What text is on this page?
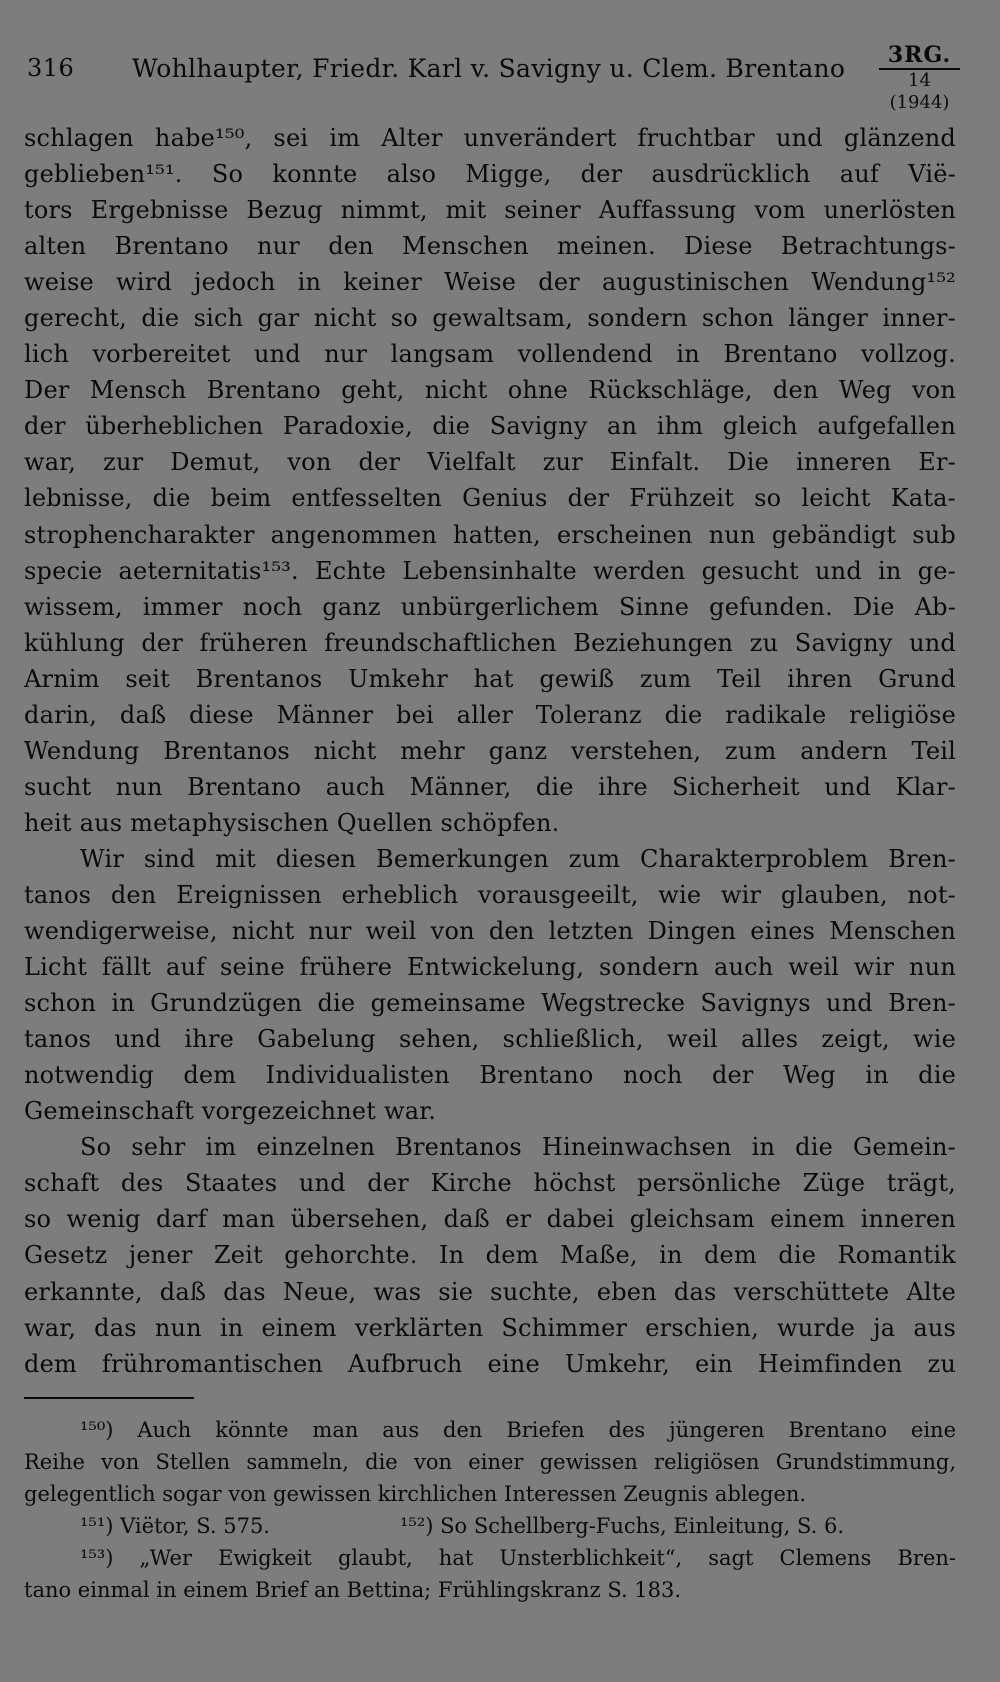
316 Wohlhaupter, Friedr. Karl v. Savigny u. Clem. Brentano	3RG.
14 (1944)
schlagen habe¹⁵⁰, sei im Alter unverändert fruchtbar und glänzend
geblieben¹⁵¹. So konnte also Migge, der ausdrücklich auf Vië-
tors Ergebnisse Bezug nimmt, mit seiner Auffassung vom unerlösten
alten Brentano nur den Menschen meinen. Diese Betrachtungs-
weise wird jedoch in keiner Weise der augustinischen Wendung¹⁵²
gerecht, die sich gar nicht so gewaltsam, sondern schon länger inner-
lich vorbereitet und nur langsam vollendend in Brentano vollzog.
Der Mensch Brentano geht, nicht ohne Rückschläge, den Weg von
der überheblichen Paradoxie, die Savigny an ihm gleich aufgefallen
war, zur Demut, von der Vielfalt zur Einfalt. Die inneren Er-
lebnisse, die beim entfesselten Genius der Frühzeit so leicht Kata-
strophencharakter angenommen hatten, erscheinen nun gebändigt sub
specie aeternitatis¹⁵³. Echte Lebensinhalte werden gesucht und in ge-
wissem, immer noch ganz unbürgerlichem Sinne gefunden. Die Ab-
kühlung der früheren freundschaftlichen Beziehungen zu Savigny und
Arnim seit Brentanos Umkehr hat gewiß zum Teil ihren Grund
darin, daß diese Männer bei aller Toleranz die radikale religiöse
Wendung Brentanos nicht mehr ganz verstehen, zum andern Teil
sucht nun Brentano auch Männer, die ihre Sicherheit und Klar-
heit aus metaphysischen Quellen schöpfen.
Wir sind mit diesen Bemerkungen zum Charakterproblem Bren-
tanos den Ereignissen erheblich vorausgeeilt, wie wir glauben, not-
wendigerweise, nicht nur weil von den letzten Dingen eines Menschen
Licht fällt auf seine frühere Entwickelung, sondern auch weil wir nun
schon in Grundzügen die gemeinsame Wegstrecke Savignys und Bren-
tanos und ihre Gabelung sehen, schließlich, weil alles zeigt, wie
notwendig dem Individualisten Brentano noch der Weg in die
Gemeinschaft vorgezeichnet war.
So sehr im einzelnen Brentanos Hineinwachsen in die Gemein-
schaft des Staates und der Kirche höchst persönliche Züge trägt,
so wenig darf man übersehen, daß er dabei gleichsam einem inneren
Gesetz jener Zeit gehorchte. In dem Maße, in dem die Romantik
erkannte, daß das Neue, was sie suchte, eben das verschüttete Alte
war, das nun in einem verklärten Schimmer erschien, wurde ja aus
dem frühromantischen Aufbruch eine Umkehr, ein Heimfinden zu
¹⁵⁰) Auch könnte man aus den Briefen des jüngeren Brentano eine
Reihe von Stellen sammeln, die von einer gewissen religiösen Grundstimmung,
gelegentlich sogar von gewissen kirchlichen Interessen Zeugnis ablegen.
¹⁵¹) Viëtor, S. 575.	¹⁵²) So Schellberg-Fuchs, Einleitung, S. 6.
¹⁵³) „Wer Ewigkeit glaubt, hat Unsterblichkeit“, sagt Clemens Bren-
tano einmal in einem Brief an Bettina; Frühlingskranz S. 183.
